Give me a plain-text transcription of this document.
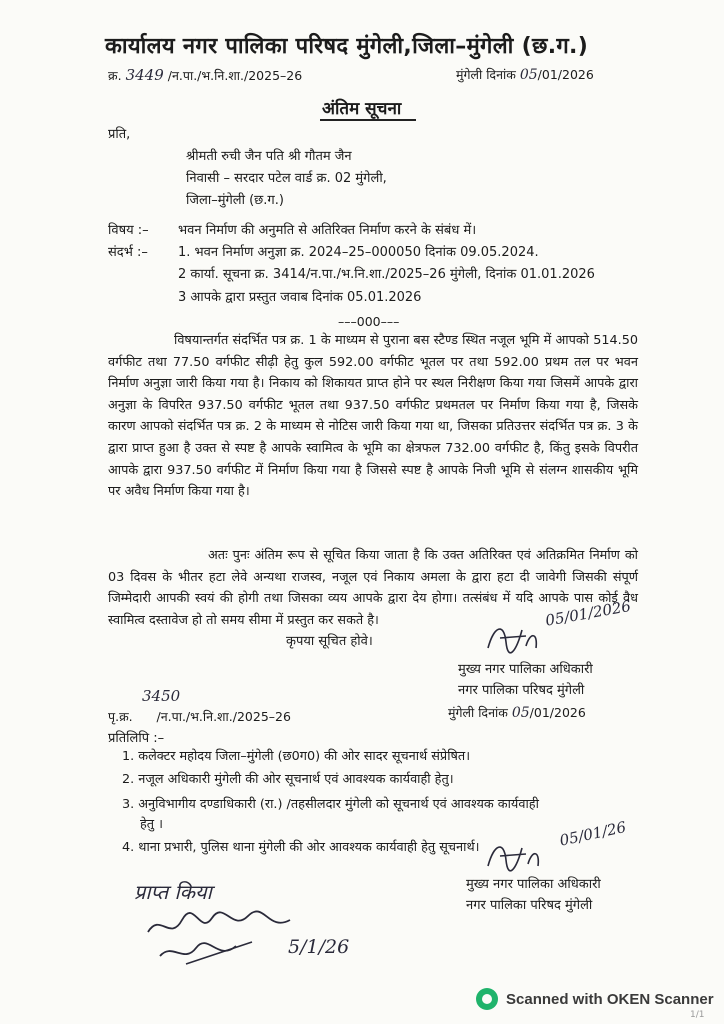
कार्यालय नगर पालिका परिषद मुंगेली,जिला–मुंगेली (छ.ग.)
क्र. 3449 /न.पा./भ.नि.शा./2025–26	मुंगेली दिनांक 05/01/2026
अंतिम सूचना
प्रति,
श्रीमती रुची जैन पति श्री गौतम जैन
निवासी – सरदार पटेल वार्ड क्र. 02 मुंगेली,
जिला–मुंगेली (छ.ग.)
विषय :– भवन निर्माण की अनुमति से अतिरिक्त निर्माण करने के संबंध में।
संदर्भ :– 1. भवन निर्माण अनुज्ञा क्र. 2024–25–000050 दिनांक 09.05.2024.
2 कार्या. सूचना क्र. 3414/न.पा./भ.नि.शा./2025–26 मुंगेली, दिनांक 01.01.2026
3 आपके द्वारा प्रस्तुत जवाब दिनांक 05.01.2026
–––000–––
विषयान्तर्गत संदर्भित पत्र क्र. 1 के माध्यम से पुराना बस स्टैण्ड स्थित नजूल भूमि में आपको 514.50 वर्गफीट तथा 77.50 वर्गफीट सीढ़ी हेतु कुल 592.00 वर्गफीट भूतल पर तथा 592.00 प्रथम तल पर भवन निर्माण अनुज्ञा जारी किया गया है। निकाय को शिकायत प्राप्त होने पर स्थल निरीक्षण किया गया जिसमें आपके द्वारा अनुज्ञा के विपरित 937.50 वर्गफीट भूतल तथा 937.50 वर्गफीट प्रथमतल पर निर्माण किया गया है, जिसके कारण आपको संदर्भित पत्र क्र. 2 के माध्यम से नोटिस जारी किया गया था, जिसका प्रतिउत्तर संदर्भित पत्र क्र. 3 के द्वारा प्राप्त हुआ है उक्त से स्पष्ट है आपके स्वामित्व के भूमि का क्षेत्रफल 732.00 वर्गफीट है, किंतु इसके विपरीत आपके द्वारा 937.50 वर्गफीट में निर्माण किया गया है जिससे स्पष्ट है आपके निजी भूमि से संलग्न शासकीय भूमि पर अवैध निर्माण किया गया है।
अतः पुनः अंतिम रूप से सूचित किया जाता है कि उक्त अतिरिक्त एवं अतिक्रमित निर्माण को 03 दिवस के भीतर हटा लेवे अन्यथा राजस्व, नजूल एवं निकाय अमला के द्वारा हटा दी जावेगी जिसकी संपूर्ण जिम्मेदारी आपकी स्वयं की होगी तथा जिसका व्यय आपके द्वारा देय होगा। तत्संबंध में यदि आपके पास कोई वैध स्वामित्व दस्तावेज हो तो समय सीमा में प्रस्तुत कर सकते है।
कृपया सूचित होवे।
05/01/2026
मुख्य नगर पालिका अधिकारी
नगर पालिका परिषद मुंगेली
3450
पृ.क्र. /न.पा./भ.नि.शा./2025–26	मुंगेली दिनांक 05/01/2026
प्रतिलिपि :–
1. कलेक्टर महोदय जिला–मुंगेली (छ0ग0) की ओर सादर सूचनार्थ संप्रेषित।
2. नजूल अधिकारी मुंगेली की ओर सूचनार्थ एवं आवश्यक कार्यवाही हेतु।
3. अनुविभागीय दण्डाधिकारी (रा.) /तहसीलदार मुंगेली को सूचनार्थ एवं आवश्यक कार्यवाही
हेतु ।
4. थाना प्रभारी, पुलिस थाना मुंगेली की ओर आवश्यक कार्यवाही हेतु सूचनार्थ।	05/01/26
मुख्य नगर पालिका अधिकारी
नगर पालिका परिषद मुंगेली
प्राप्त किया
5/1/26
Scanned with OKEN Scanner
1/1
